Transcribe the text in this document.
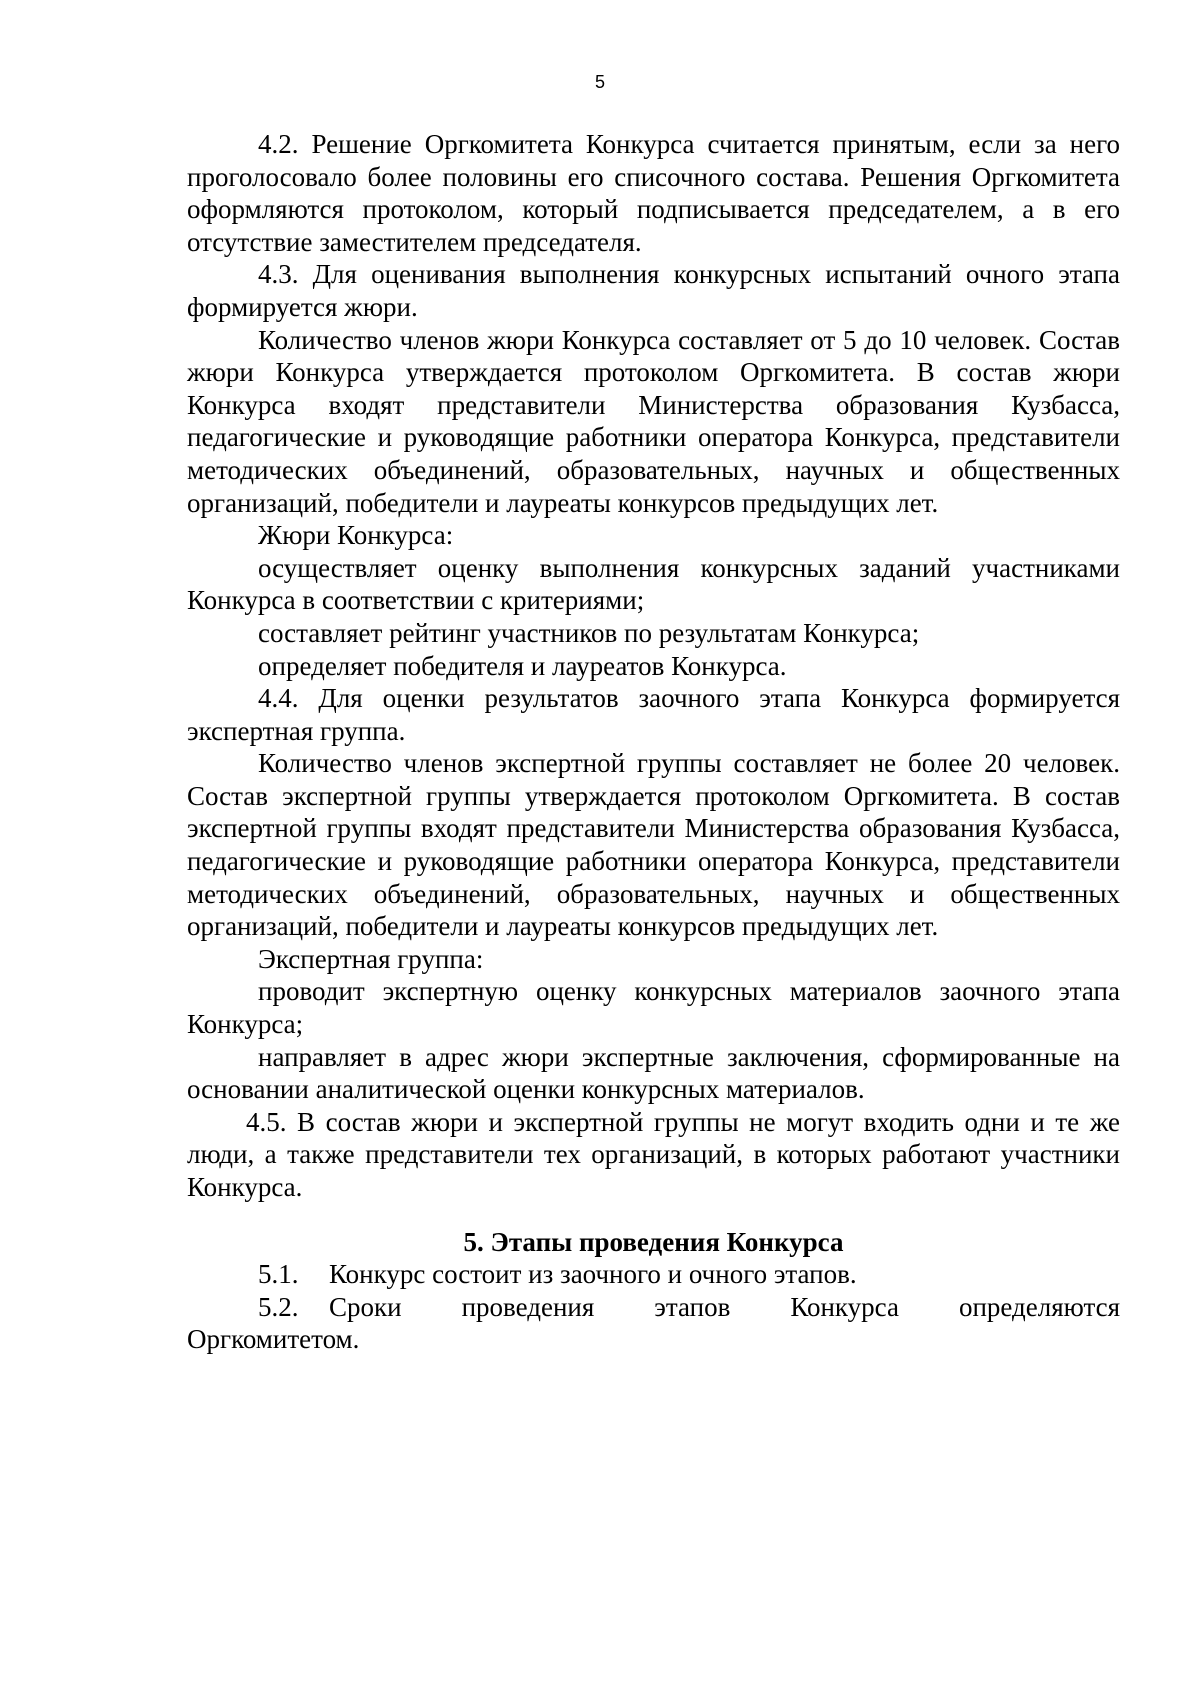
5

4.2. Решение Оргкомитета Конкурса считается принятым, если за него проголосовало более половины его списочного состава. Решения Оргкомитета оформляются протоколом, который подписывается председателем, а в его отсутствие заместителем председателя.

4.3. Для оценивания выполнения конкурсных испытаний очного этапа формируется жюри.

Количество членов жюри Конкурса составляет от 5 до 10 человек. Состав жюри Конкурса утверждается протоколом Оргкомитета. В состав жюри Конкурса входят представители Министерства образования Кузбасса, педагогические и руководящие работники оператора Конкурса, представители методических объединений, образовательных, научных и общественных организаций, победители и лауреаты конкурсов предыдущих лет.

Жюри Конкурса:

осуществляет оценку выполнения конкурсных заданий участниками Конкурса в соответствии с критериями;

составляет рейтинг участников по результатам Конкурса;

определяет победителя и лауреатов Конкурса.

4.4. Для оценки результатов заочного этапа Конкурса формируется экспертная группа.

Количество членов экспертной группы составляет не более 20 человек. Состав экспертной группы утверждается протоколом Оргкомитета. В состав экспертной группы входят представители Министерства образования Кузбасса, педагогические и руководящие работники оператора Конкурса, представители методических объединений, образовательных, научных и общественных организаций, победители и лауреаты конкурсов предыдущих лет.

Экспертная группа:

проводит экспертную оценку конкурсных материалов заочного этапа Конкурса;

направляет в адрес жюри экспертные заключения, сформированные на основании аналитической оценки конкурсных материалов.

4.5. В состав жюри и экспертной группы не могут входить одни и те же люди, а также представители тех организаций, в которых работают участники Конкурса.

5. Этапы проведения Конкурса
5.1.	Конкурс состоит из заочного и очного этапов.
5.2.	Сроки проведения этапов Конкурса определяются

Оргкомитетом.
